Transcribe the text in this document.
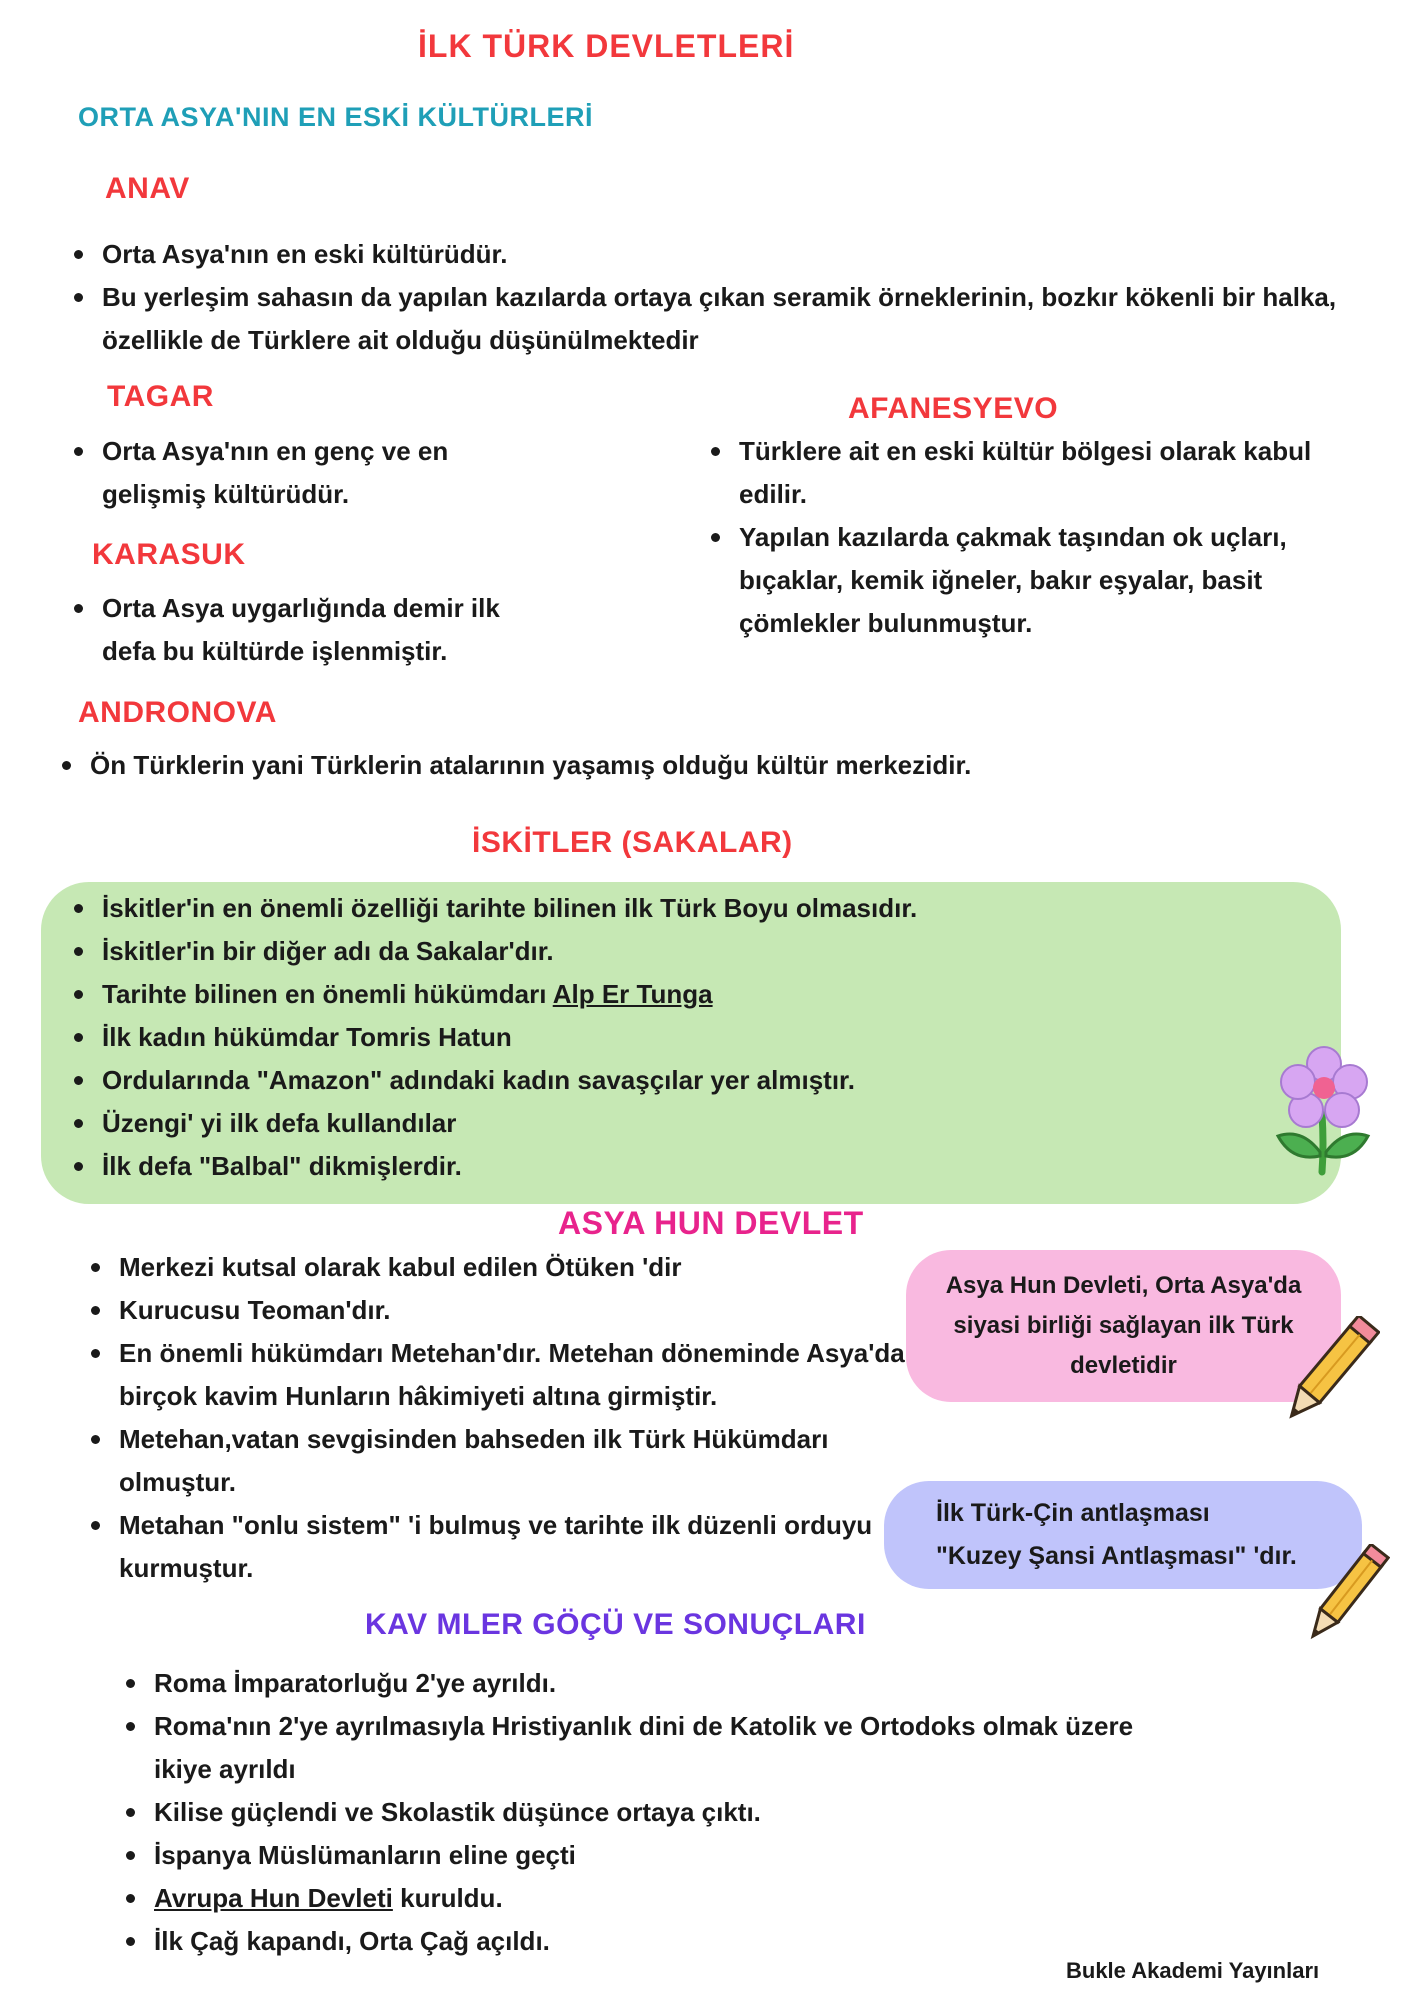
İLK TÜRK DEVLETLERİ
ORTA ASYA'NIN EN ESKİ KÜLTÜRLERİ
ANAV
Orta Asya'nın en eski kültürüdür.
Bu yerleşim sahasın da yapılan kazılarda ortaya çıkan seramik örneklerinin, bozkır kökenli bir halka, özellikle de Türklere ait olduğu düşünülmektedir
TAGAR
Orta Asya'nın en genç ve en gelişmiş kültürüdür.
KARASUK
Orta Asya uygarlığında demir ilk defa bu kültürde işlenmiştir.
AFANESYEVO
Türklere ait en eski kültür bölgesi olarak kabul edilir.
Yapılan kazılarda çakmak taşından ok uçları, bıçaklar, kemik iğneler, bakır eşyalar, basit çömlekler bulunmuştur.
ANDRONOVA
Ön Türklerin yani Türklerin atalarının yaşamış olduğu kültür merkezidir.
İSKİTLER (SAKALAR)
İskitler'in en önemli özelliği tarihte bilinen ilk Türk Boyu olmasıdır.
İskitler'in bir diğer adı da Sakalar'dır.
Tarihte bilinen en önemli hükümdarı Alp Er Tunga
İlk kadın hükümdar Tomris Hatun
Ordularında "Amazon" adındaki kadın savaşçılar yer almıştır.
Üzengi' yi ilk defa kullandılar
İlk defa "Balbal" dikmişlerdir.
ASYA HUN DEVLET
Merkezi kutsal olarak kabul edilen Ötüken 'dir
Kurucusu Teoman'dır.
En önemli hükümdarı Metehan'dır. Metehan döneminde Asya'da birçok kavim Hunların hâkimiyeti altına girmiştir.
Metehan,vatan sevgisinden bahseden ilk Türk Hükümdarı olmuştur.
Metahan "onlu sistem" 'i bulmuş ve tarihte ilk düzenli orduyu kurmuştur.
Asya Hun Devleti, Orta Asya'da siyasi birliği sağlayan ilk Türk devletidir
İlk Türk-Çin antlaşması
"Kuzey Şansi Antlaşması" 'dır.
KAV MLER GÖÇÜ VE SONUÇLARI
Roma İmparatorluğu 2'ye ayrıldı.
Roma'nın 2'ye ayrılmasıyla Hristiyanlık dini de Katolik ve Ortodoks olmak üzere ikiye ayrıldı
Kilise güçlendi ve Skolastik düşünce ortaya çıktı.
İspanya Müslümanların eline geçti
Avrupa Hun Devleti kuruldu.
İlk Çağ kapandı, Orta Çağ açıldı.
Bukle Akademi Yayınları
